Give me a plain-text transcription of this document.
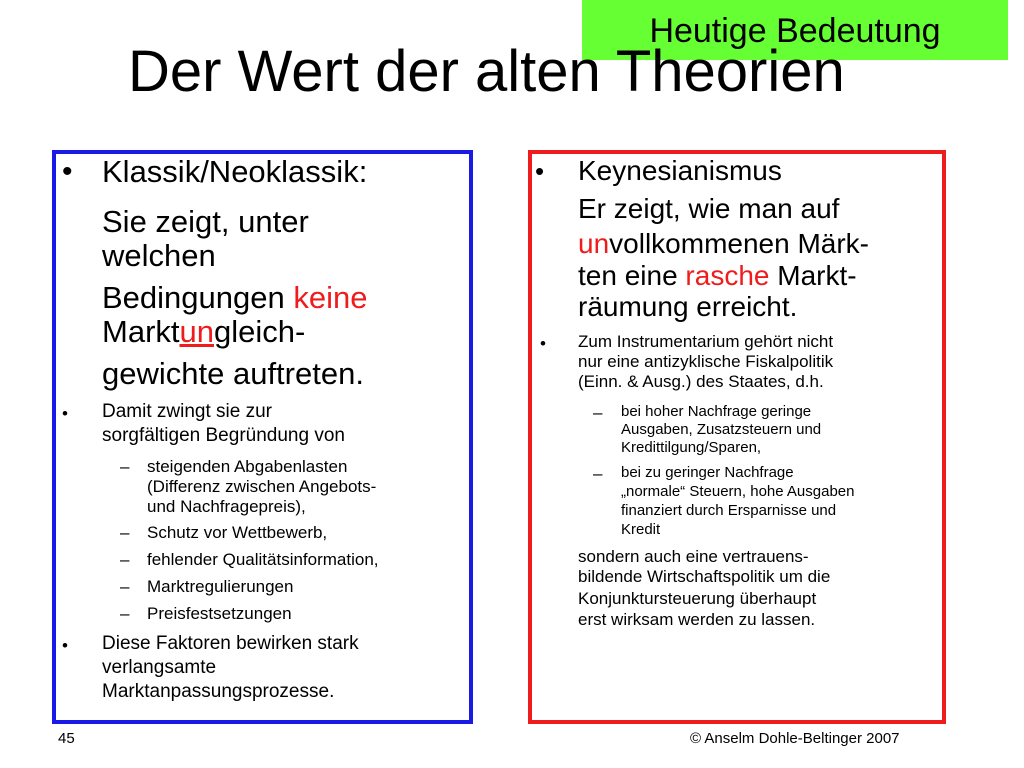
Heutige Bedeutung
Der Wert der alten Theorien
• Klassik/Neoklassik:
Sie zeigt, unter
welchen
Bedingungen keine
Marktungleich-
gewichte auftreten.
• Damit zwingt sie zur
sorgfältigen Begründung von
– steigenden Abgabenlasten
(Differenz zwischen Angebots-
und Nachfragepreis),
– Schutz vor Wettbewerb,
– fehlender Qualitätsinformation,
– Marktregulierungen
– Preisfestsetzungen
• Diese Faktoren bewirken stark
verlangsamte
Marktanpassungsprozesse.
• Keynesianismus
Er zeigt, wie man auf
unvollkommenen Märk-
ten eine rasche Markt-
räumung erreicht.
• Zum Instrumentarium gehört nicht
nur eine antizyklische Fiskalpolitik
(Einn. & Ausg.) des Staates, d.h.
– bei hoher Nachfrage geringe
Ausgaben, Zusatzsteuern und
Kredittilgung/Sparen,
– bei zu geringer Nachfrage
„normale“ Steuern, hohe Ausgaben
finanziert durch Ersparnisse und
Kredit
sondern auch eine vertrauens-
bildende Wirtschaftspolitik um die
Konjunktursteuerung überhaupt
erst wirksam werden zu lassen.
45	© Anselm Dohle-Beltinger 2007
